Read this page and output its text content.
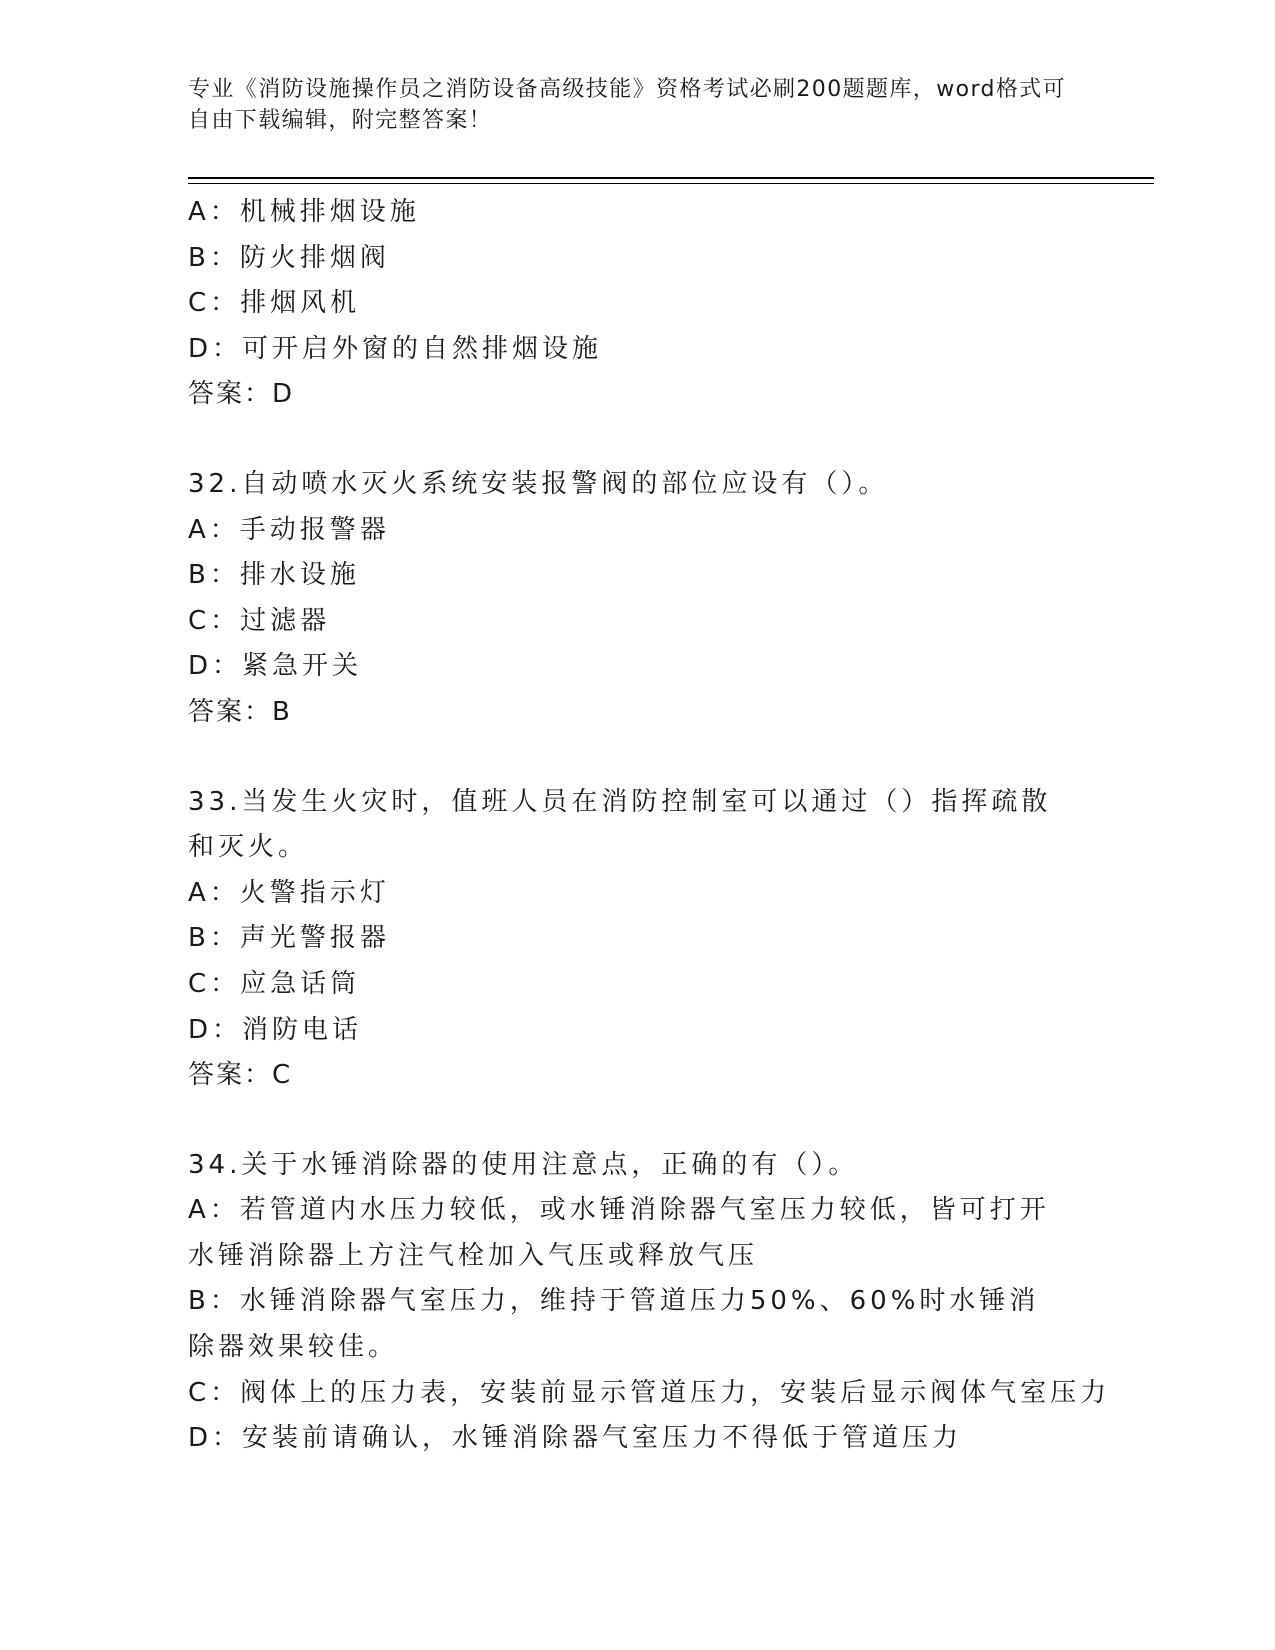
专业《消防设施操作员之消防设备高级技能》资格考试必刷200题题库，word格式可自由下载编辑，附完整答案！
A：机械排烟设施
B：防火排烟阀
C：排烟风机
D：可开启外窗的自然排烟设施
答案：D
32.自动喷水灭火系统安装报警阀的部位应设有（）。
A：手动报警器
B：排水设施
C：过滤器
D：紧急开关
答案：B
33.当发生火灾时，值班人员在消防控制室可以通过（）指挥疏散和灭火。
A：火警指示灯
B：声光警报器
C：应急话筒
D：消防电话
答案：C
34.关于水锤消除器的使用注意点，正确的有（）。
A：若管道内水压力较低，或水锤消除器气室压力较低，皆可打开水锤消除器上方注气栓加入气压或释放气压
B：水锤消除器气室压力，维持于管道压力50%、60%时水锤消除器效果较佳。
C：阀体上的压力表，安装前显示管道压力，安装后显示阀体气室压力
D：安装前请确认，水锤消除器气室压力不得低于管道压力
